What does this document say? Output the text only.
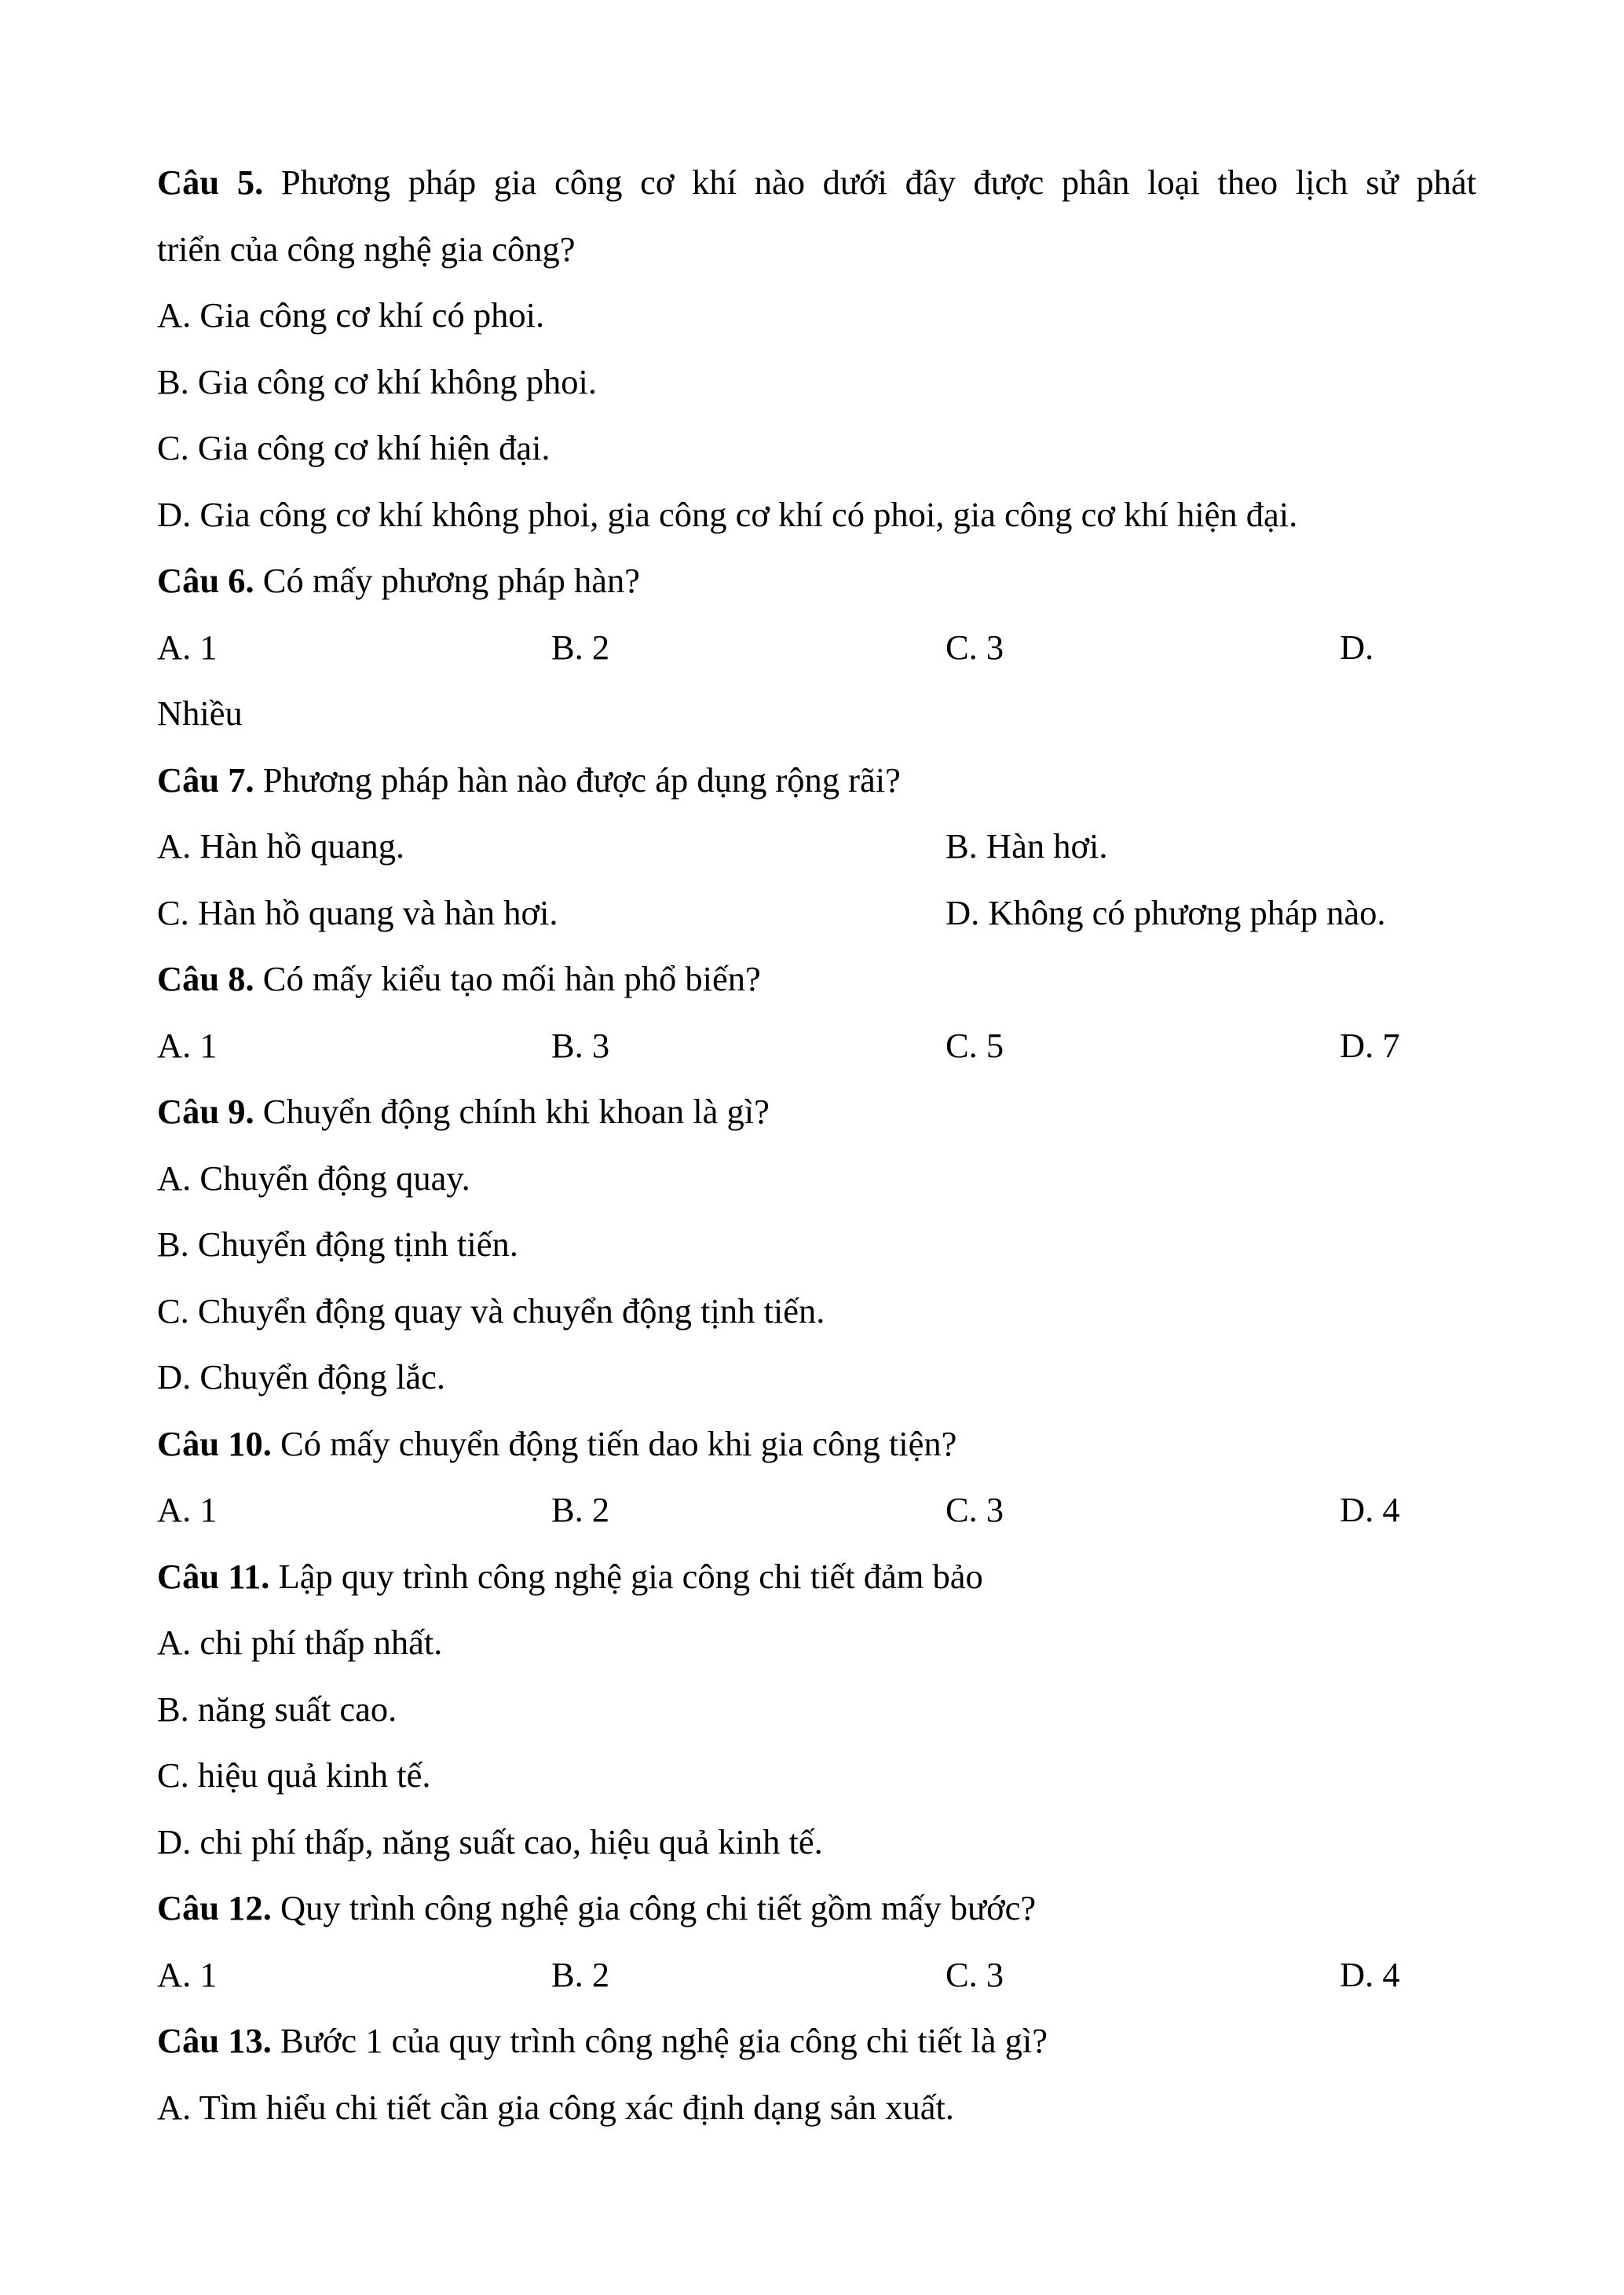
Câu 5. Phương pháp gia công cơ khí nào dưới đây được phân loại theo lịch sử phát
triển của công nghệ gia công?
A. Gia công cơ khí có phoi.
B. Gia công cơ khí không phoi.
C. Gia công cơ khí hiện đại.
D. Gia công cơ khí không phoi, gia công cơ khí có phoi, gia công cơ khí hiện đại.
Câu 6. Có mấy phương pháp hàn?
A. 1	B. 2	C. 3	D.
Nhiều
Câu 7. Phương pháp hàn nào được áp dụng rộng rãi?
A. Hàn hồ quang.	B. Hàn hơi.
C. Hàn hồ quang và hàn hơi.	D. Không có phương pháp nào.
Câu 8. Có mấy kiểu tạo mối hàn phổ biến?
A. 1	B. 3	C. 5	D. 7
Câu 9. Chuyển động chính khi khoan là gì?
A. Chuyển động quay.
B. Chuyển động tịnh tiến.
C. Chuyển động quay và chuyển động tịnh tiến.
D. Chuyển động lắc.
Câu 10. Có mấy chuyển động tiến dao khi gia công tiện?
A. 1	B. 2	C. 3	D. 4
Câu 11. Lập quy trình công nghệ gia công chi tiết đảm bảo
A. chi phí thấp nhất.
B. năng suất cao.
C. hiệu quả kinh tế.
D. chi phí thấp, năng suất cao, hiệu quả kinh tế.
Câu 12. Quy trình công nghệ gia công chi tiết gồm mấy bước?
A. 1	B. 2	C. 3	D. 4
Câu 13. Bước 1 của quy trình công nghệ gia công chi tiết là gì?
A. Tìm hiểu chi tiết cần gia công xác định dạng sản xuất.
